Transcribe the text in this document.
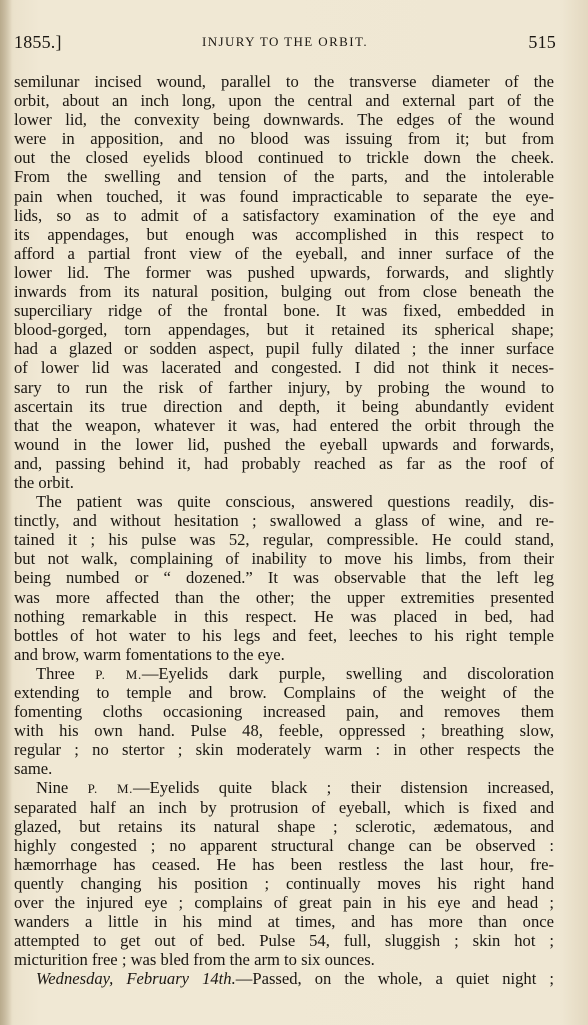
1855.]	INJURY TO THE ORBIT.	515
semilunar incised wound, parallel to the transverse diameter of the
orbit, about an inch long, upon the central and external part of the
lower lid, the convexity being downwards. The edges of the wound
were in apposition, and no blood was issuing from it; but from
out the closed eyelids blood continued to trickle down the cheek.
From the swelling and tension of the parts, and the intolerable
pain when touched, it was found impracticable to separate the eye-
lids, so as to admit of a satisfactory examination of the eye and
its appendages, but enough was accomplished in this respect to
afford a partial front view of the eyeball, and inner surface of the
lower lid. The former was pushed upwards, forwards, and slightly
inwards from its natural position, bulging out from close beneath the
superciliary ridge of the frontal bone. It was fixed, embedded in
blood-gorged, torn appendages, but it retained its spherical shape;
had a glazed or sodden aspect, pupil fully dilated ; the inner surface
of lower lid was lacerated and congested. I did not think it neces-
sary to run the risk of farther injury, by probing the wound to
ascertain its true direction and depth, it being abundantly evident
that the weapon, whatever it was, had entered the orbit through the
wound in the lower lid, pushed the eyeball upwards and forwards,
and, passing behind it, had probably reached as far as the roof of
the orbit.
The patient was quite conscious, answered questions readily, dis-
tinctly, and without hesitation ; swallowed a glass of wine, and re-
tained it ; his pulse was 52, regular, compressible. He could stand,
but not walk, complaining of inability to move his limbs, from their
being numbed or “ dozened.” It was observable that the left leg
was more affected than the other; the upper extremities presented
nothing remarkable in this respect. He was placed in bed, had
bottles of hot water to his legs and feet, leeches to his right temple
and brow, warm fomentations to the eye.
Three P. M.—Eyelids dark purple, swelling and discoloration
extending to temple and brow. Complains of the weight of the
fomenting cloths occasioning increased pain, and removes them
with his own hand. Pulse 48, feeble, oppressed ; breathing slow,
regular ; no stertor ; skin moderately warm : in other respects the
same.
Nine P. M.—Eyelids quite black ; their distension increased,
separated half an inch by protrusion of eyeball, which is fixed and
glazed, but retains its natural shape ; sclerotic, ædematous, and
highly congested ; no apparent structural change can be observed :
hæmorrhage has ceased. He has been restless the last hour, fre-
quently changing his position ; continually moves his right hand
over the injured eye ; complains of great pain in his eye and head ;
wanders a little in his mind at times, and has more than once
attempted to get out of bed. Pulse 54, full, sluggish ; skin hot ;
micturition free ; was bled from the arm to six ounces.
Wednesday, February 14th.—Passed, on the whole, a quiet night ;
